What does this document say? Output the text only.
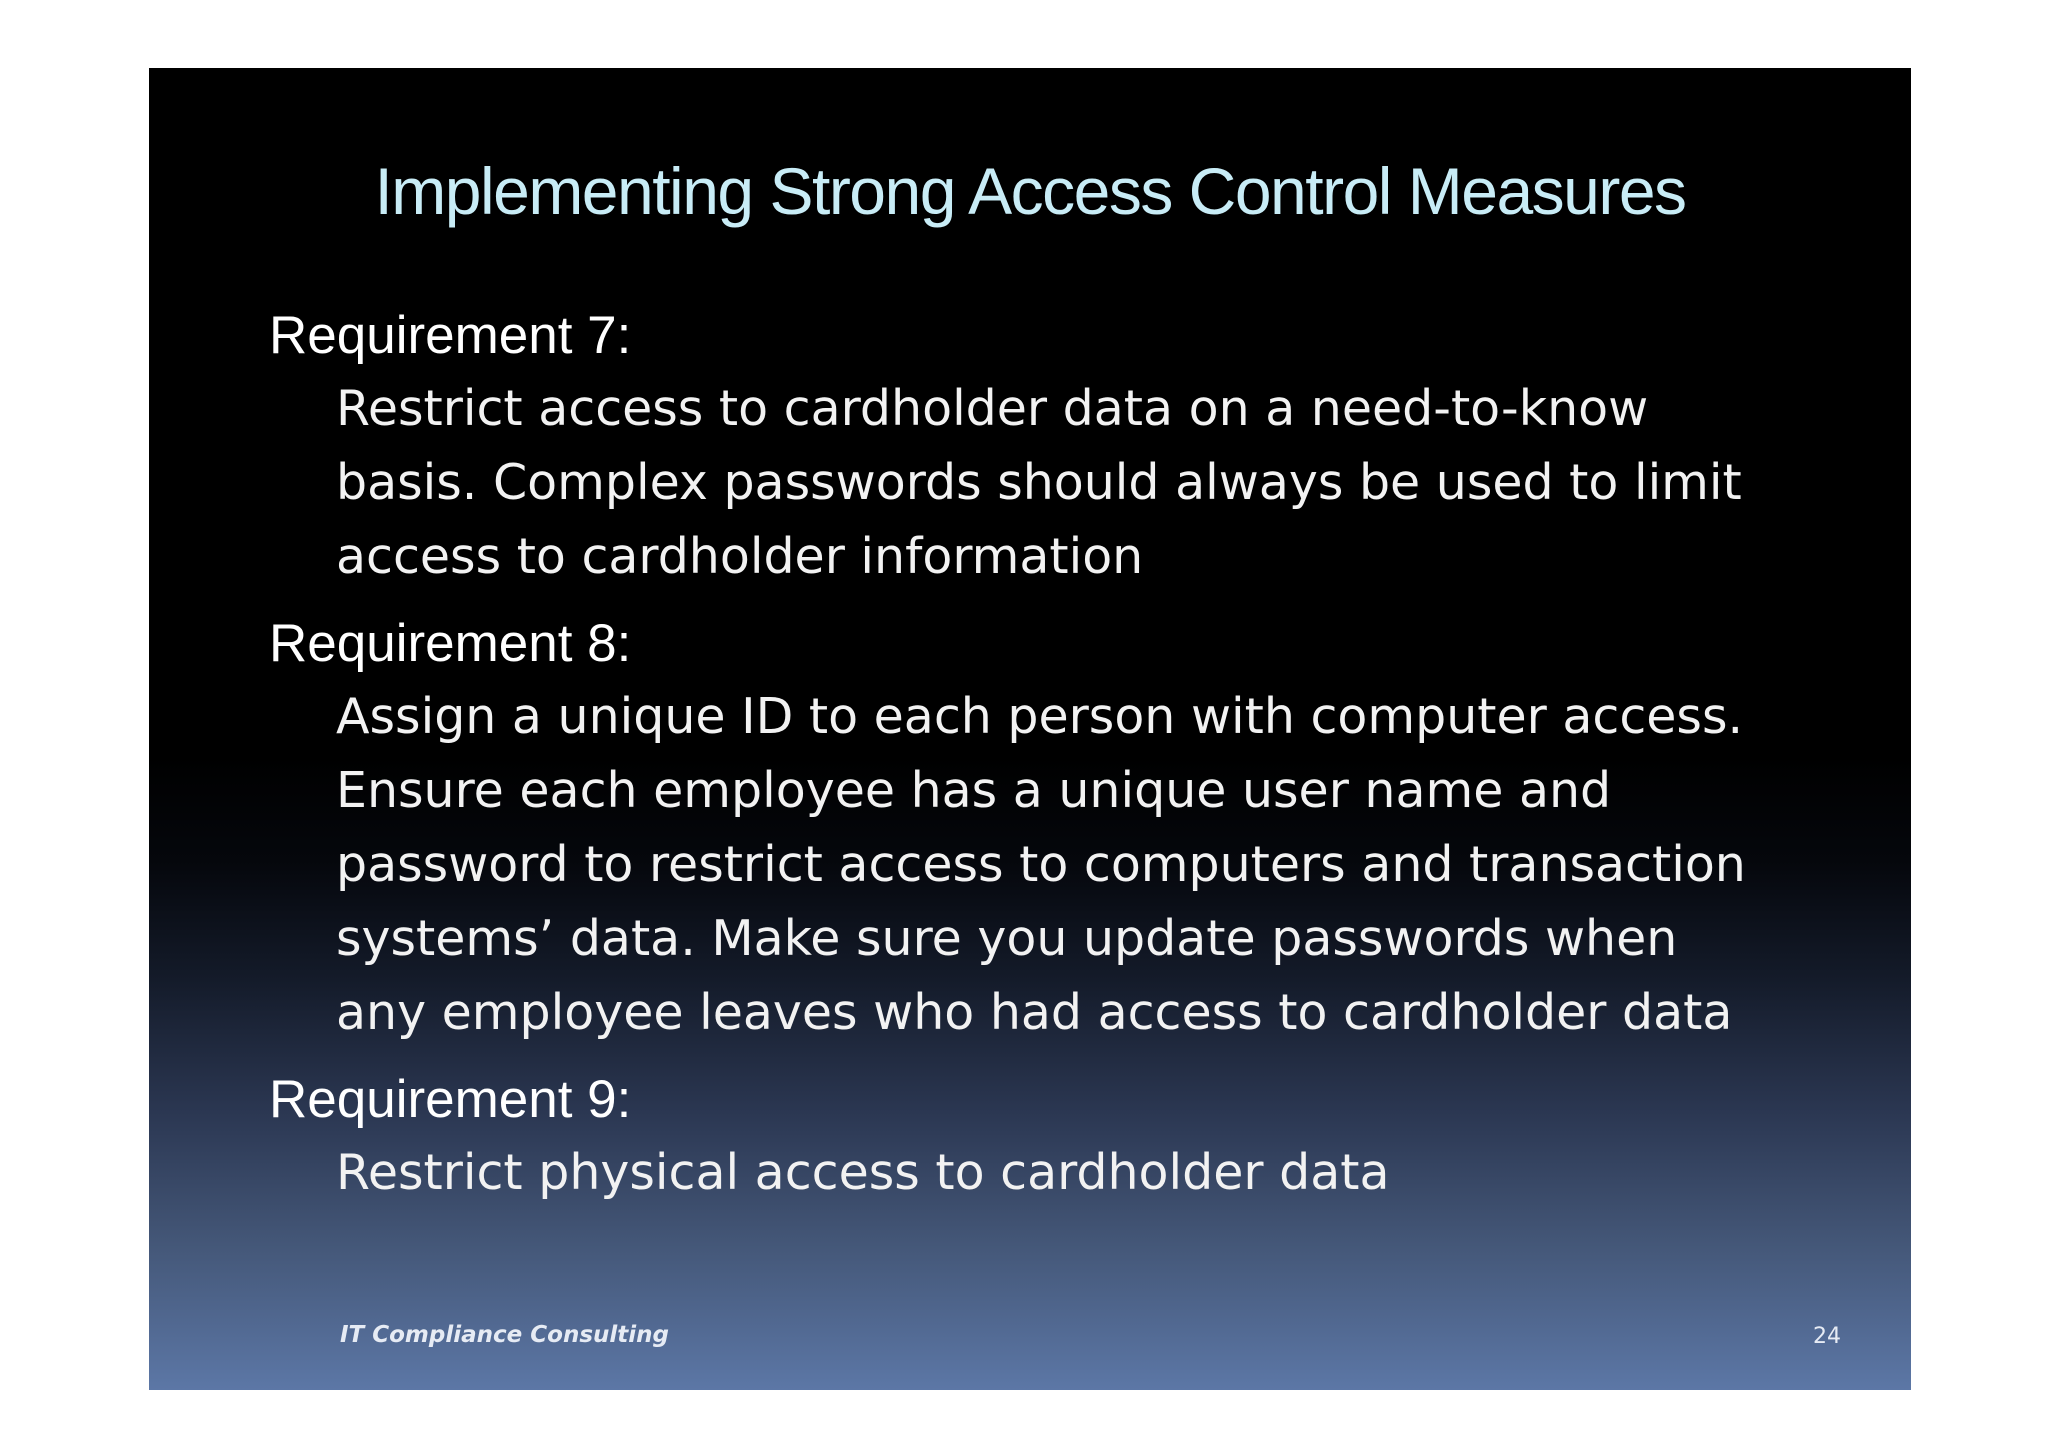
Implementing Strong Access Control Measures
Requirement 7:
Restrict access to cardholder data on a need-to-know
basis. Complex passwords should always be used to limit
access to cardholder information
Requirement 8:
Assign a unique ID to each person with computer access.
Ensure each employee has a unique user name and
password to restrict access to computers and transaction
systems’ data. Make sure you update passwords when
any employee leaves who had access to cardholder data
Requirement 9:
Restrict physical access to cardholder data
IT Compliance Consulting	24
